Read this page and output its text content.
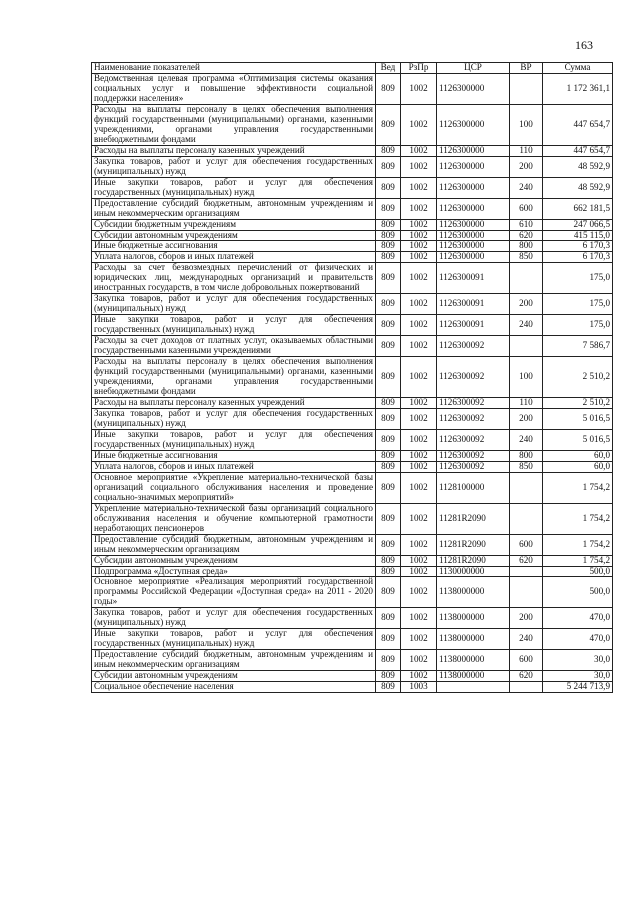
163
Наименование показателей	Вед	РзПр	ЦСР	ВР	Сумма
Ведомственная целевая программа «Оптимизация системы оказания социальных услуг и повышение эффективности социальной поддержки населения»	809	1002	1126300000		1 172 361,1
Расходы на выплаты персоналу в целях обеспечения выполнения функций государственными (муниципальными) органами, казенными учреждениями, органами управления государственными внебюджетными фондами	809	1002	1126300000	100	447 654,7
Расходы на выплаты персоналу казенных учреждений	809	1002	1126300000	110	447 654,7
Закупка товаров, работ и услуг для обеспечения государственных (муниципальных) нужд	809	1002	1126300000	200	48 592,9
Иные закупки товаров, работ и услуг для обеспечения государственных (муниципальных) нужд	809	1002	1126300000	240	48 592,9
Предоставление субсидий бюджетным, автономным учреждениям и иным некоммерческим организациям	809	1002	1126300000	600	662 181,5
Субсидии бюджетным учреждениям	809	1002	1126300000	610	247 066,5
Субсидии автономным учреждениям	809	1002	1126300000	620	415 115,0
Иные бюджетные ассигнования	809	1002	1126300000	800	6 170,3
Уплата налогов, сборов и иных платежей	809	1002	1126300000	850	6 170,3
Расходы за счет безвозмездных перечислений от физических и юридических лиц, международных организаций и правительств иностранных государств, в том числе добровольных пожертвований	809	1002	1126300091		175,0
Закупка товаров, работ и услуг для обеспечения государственных (муниципальных) нужд	809	1002	1126300091	200	175,0
Иные закупки товаров, работ и услуг для обеспечения государственных (муниципальных) нужд	809	1002	1126300091	240	175,0
Расходы за счет доходов от платных услуг, оказываемых областными государственными казенными учреждениями	809	1002	1126300092		7 586,7
Расходы на выплаты персоналу в целях обеспечения выполнения функций государственными (муниципальными) органами, казенными учреждениями, органами управления государственными внебюджетными фондами	809	1002	1126300092	100	2 510,2
Расходы на выплаты персоналу казенных учреждений	809	1002	1126300092	110	2 510,2
Закупка товаров, работ и услуг для обеспечения государственных (муниципальных) нужд	809	1002	1126300092	200	5 016,5
Иные закупки товаров, работ и услуг для обеспечения государственных (муниципальных) нужд	809	1002	1126300092	240	5 016,5
Иные бюджетные ассигнования	809	1002	1126300092	800	60,0
Уплата налогов, сборов и иных платежей	809	1002	1126300092	850	60,0
Основное мероприятие «Укрепление материально-технической базы организаций социального обслуживания населения и проведение социально-значимых мероприятий»	809	1002	1128100000		1 754,2
Укрепление материально-технической базы организаций социального обслуживания населения и обучение компьютерной грамотности неработающих пенсионеров	809	1002	11281R2090		1 754,2
Предоставление субсидий бюджетным, автономным учреждениям и иным некоммерческим организациям	809	1002	11281R2090	600	1 754,2
Субсидии автономным учреждениям	809	1002	11281R2090	620	1 754,2
Подпрограмма «Доступная среда»	809	1002	1130000000		500,0
Основное мероприятие «Реализация мероприятий государственной программы Российской Федерации «Доступная среда» на 2011 - 2020 годы»	809	1002	1138000000		500,0
Закупка товаров, работ и услуг для обеспечения государственных (муниципальных) нужд	809	1002	1138000000	200	470,0
Иные закупки товаров, работ и услуг для обеспечения государственных (муниципальных) нужд	809	1002	1138000000	240	470,0
Предоставление субсидий бюджетным, автономным учреждениям и иным некоммерческим организациям	809	1002	1138000000	600	30,0
Субсидии автономным учреждениям	809	1002	1138000000	620	30,0
Социальное обеспечение населения	809	1003			5 244 713,9
